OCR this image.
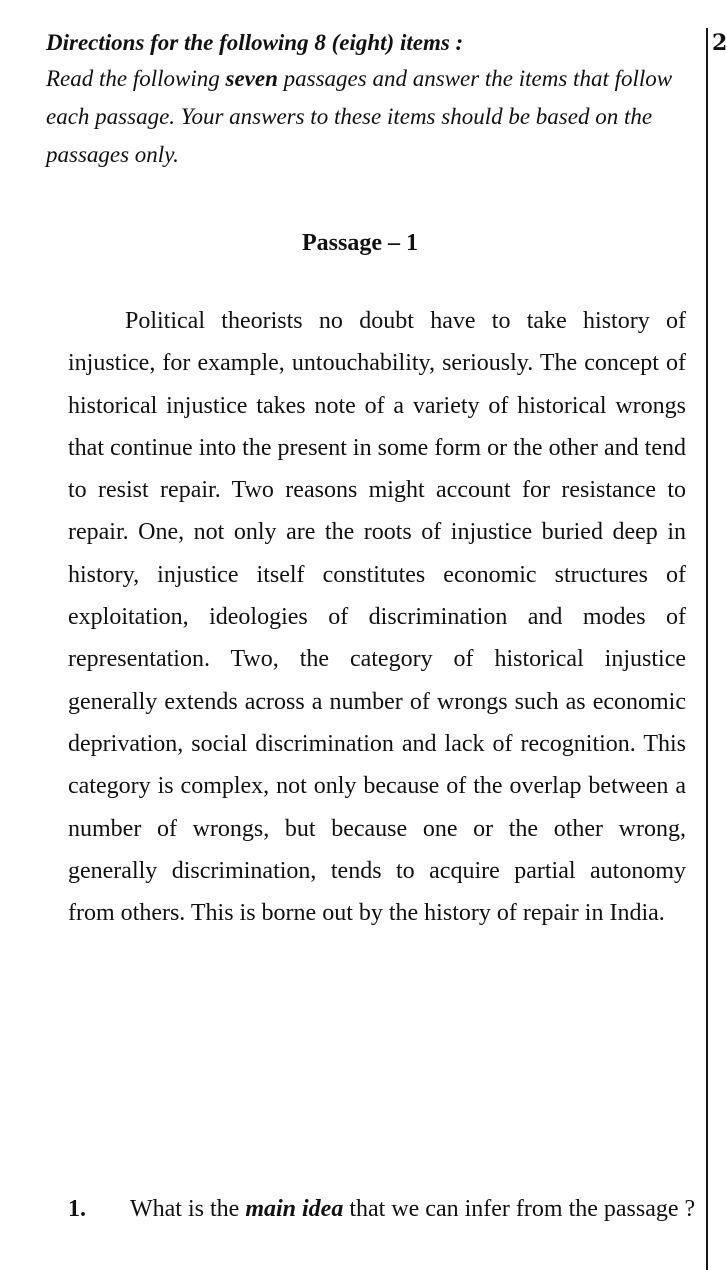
2

Directions for the following 8 (eight) items :

Read the following seven passages and answer the items that follow each passage. Your answers to these items should be based on the passages only.

Passage – 1

Political theorists no doubt have to take history of injustice, for example, untouchability, seriously. The concept of historical injustice takes note of a variety of historical wrongs that continue into the present in some form or the other and tend to resist repair. Two reasons might account for resistance to repair. One, not only are the roots of injustice buried deep in history, injustice itself constitutes economic structures of exploitation, ideologies of discrimination and modes of representation. Two, the category of historical injustice generally extends across a number of wrongs such as economic deprivation, social discrimination and lack of recognition. This category is complex, not only because of the overlap between a number of wrongs, but because one or the other wrong, generally discrimination, tends to acquire partial autonomy from others. This is borne out by the history of repair in India.

1. What is the main idea that we can infer from the passage ?
